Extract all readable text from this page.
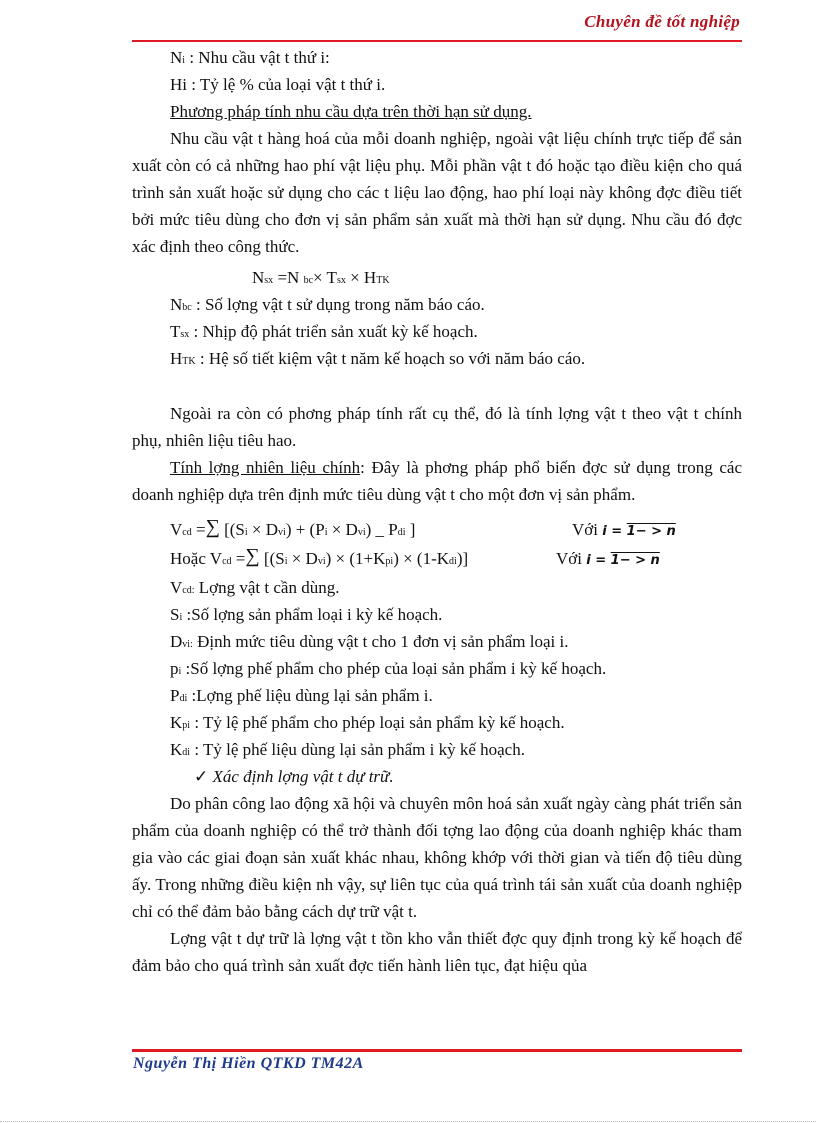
Chuyên đề tốt nghiệp
Ni : Nhu cầu vật t thứ i:
Hi : Tỷ lệ % của loại vật t thứ i.
Phương pháp tính nhu cầu dựa trên thời hạn sử dụng.
Nhu cầu vật t hàng hoá của mỗi doanh nghiệp, ngoài vật liệu chính trực tiếp để sản xuất còn có cả những hao phí vật liệu phụ. Mỗi phần vật t đó hoặc tạo điều kiện cho quá trình sản xuất hoặc sử dụng cho các t liệu lao động, hao phí loại này không đợc điều tiết bởi mức tiêu dùng cho đơn vị sản phẩm sản xuất mà thời hạn sử dụng. Nhu cầu đó đợc xác định theo công thức.
Nsx =N bc× Tsx × HTK
Nbc : Số lợng vật t sử dụng trong năm báo cáo.
Tsx : Nhịp độ phát triển sản xuất kỳ kế hoạch.
HTK : Hệ số tiết kiệm vật t năm kế hoạch so với năm báo cáo.
Ngoài ra còn có phơng pháp tính rất cụ thể, đó là tính lợng vật t theo vật t chính phụ, nhiên liệu tiêu hao.
Tính lợng nhiên liệu chính: Đây là phơng pháp phổ biến đợc sử dụng trong các doanh nghiệp dựa trên định mức tiêu dùng vật t cho một đơn vị sản phẩm.
Vcd =∑ [(Si × Dvi) + (Pi × Dvi) _ Pdi ]	Với i = 1− > n
Hoặc Vcd =∑ [(Si × Dvi) × (1+Kpi) × (1-Kdi)]	Với i = 1− > n
Vcd: Lợng vật t cần dùng.
Si :Số lợng sản phẩm loại i kỳ kế hoạch.
Dvi: Định mức tiêu dùng vật t cho 1 đơn vị sản phẩm loại i.
pi :Số lợng phế phẩm cho phép của loại sản phẩm i kỳ kế hoạch.
Pdi :Lợng phế liệu dùng lại sản phẩm i.
Kpi : Tỷ lệ phế phẩm cho phép loại sản phẩm kỳ kế hoạch.
Kdi : Tỷ lệ phế liệu dùng lại sản phẩm i kỳ kế hoạch.
✓ Xác định lợng vật t dự trữ.
Do phân công lao động xã hội và chuyên môn hoá sản xuất ngày càng phát triển sản phẩm của doanh nghiệp có thể trở thành đối tợng lao động của doanh nghiệp khác tham gia vào các giai đoạn sản xuất khác nhau, không khớp với thời gian và tiến độ tiêu dùng ấy. Trong những điều kiện nh vậy, sự liên tục của quá trình tái sản xuất của doanh nghiệp chỉ có thể đảm bảo bằng cách dự trữ vật t.
Lợng vật t dự trữ là lợng vật t tồn kho vẫn thiết đợc quy định trong kỳ kế hoạch để đảm bảo cho quá trình sản xuất đợc tiến hành liên tục, đạt hiệu qủa
Nguyễn Thị Hiền QTKD TM42A
